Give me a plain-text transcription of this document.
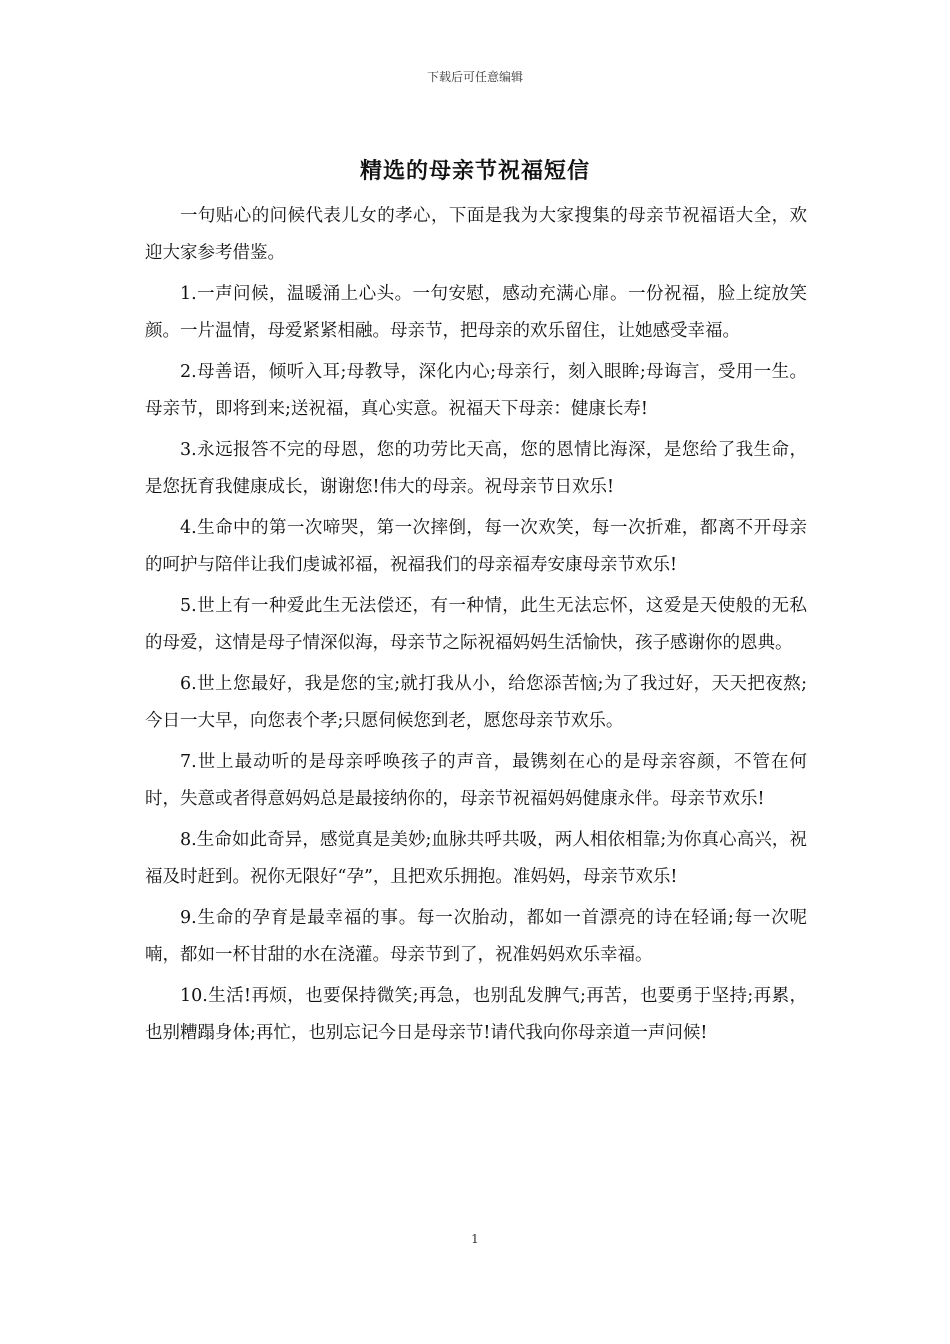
下载后可任意编辑
精选的母亲节祝福短信

一句贴心的问候代表儿女的孝心，下面是我为大家搜集的母亲节祝福语大全，欢迎大家参考借鉴。

1.一声问候，温暖涌上心头。一句安慰，感动充满心扉。一份祝福，脸上绽放笑颜。一片温情，母爱紧紧相融。母亲节，把母亲的欢乐留住，让她感受幸福。

2.母善语，倾听入耳;母教导，深化内心;母亲行，刻入眼眸;母诲言，受用一生。母亲节，即将到来;送祝福，真心实意。祝福天下母亲：健康长寿!

3.永远报答不完的母恩，您的功劳比天高，您的恩情比海深，是您给了我生命，是您抚育我健康成长，谢谢您!伟大的母亲。祝母亲节日欢乐!

4.生命中的第一次啼哭，第一次摔倒，每一次欢笑，每一次折难，都离不开母亲的呵护与陪伴让我们虔诚祁福，祝福我们的母亲福寿安康母亲节欢乐!

5.世上有一种爱此生无法偿还，有一种情，此生无法忘怀，这爱是天使般的无私的母爱，这情是母子情深似海，母亲节之际祝福妈妈生活愉快，孩子感谢你的恩典。

6.世上您最好，我是您的宝;就打我从小，给您添苦恼;为了我过好，天天把夜熬;今日一大早，向您表个孝;只愿伺候您到老，愿您母亲节欢乐。

7.世上最动听的是母亲呼唤孩子的声音，最镌刻在心的是母亲容颜，不管在何时，失意或者得意妈妈总是最接纳你的，母亲节祝福妈妈健康永伴。母亲节欢乐!

8.生命如此奇异，感觉真是美妙;血脉共呼共吸，两人相依相靠;为你真心高兴，祝福及时赶到。祝你无限好“孕”，且把欢乐拥抱。准妈妈，母亲节欢乐!

9.生命的孕育是最幸福的事。每一次胎动，都如一首漂亮的诗在轻诵;每一次呢喃，都如一杯甘甜的水在浇灌。母亲节到了，祝准妈妈欢乐幸福。

10.生活!再烦，也要保持微笑;再急，也别乱发脾气;再苦，也要勇于坚持;再累，也别糟蹋身体;再忙，也别忘记今日是母亲节!请代我向你母亲道一声问候!

1
